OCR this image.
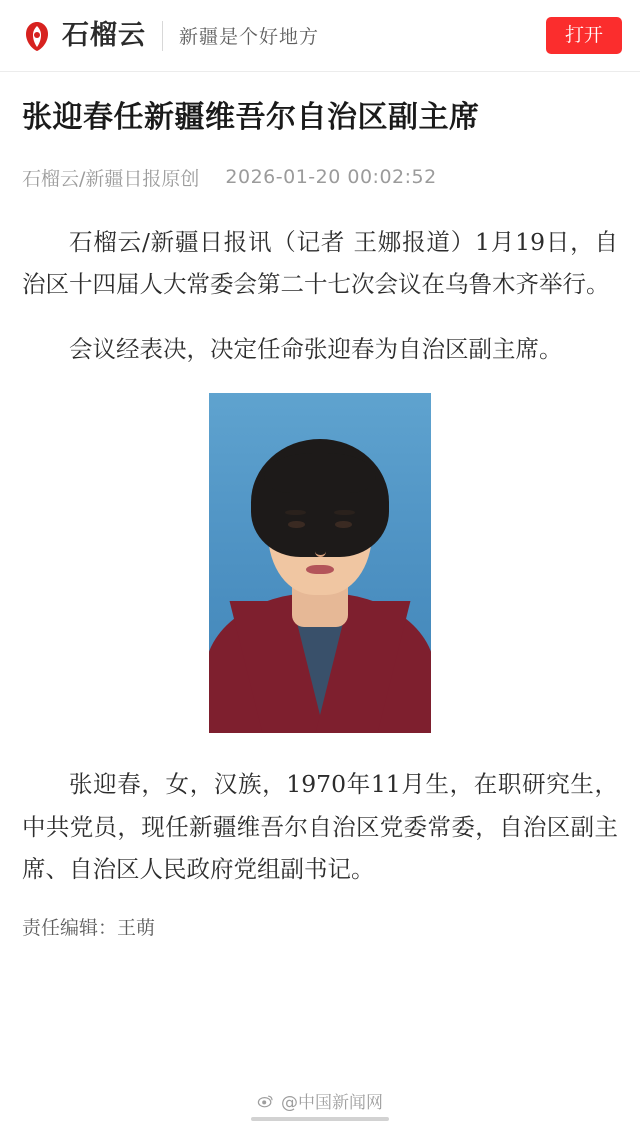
石榴云 新疆是个好地方	打开
张迎春任新疆维吾尔自治区副主席
石榴云/新疆日报原创 2026-01-20 00:02:52

石榴云/新疆日报讯（记者 王娜报道）1月19日，自治区十四届人大常委会第二十七次会议在乌鲁木齐举行。

会议经表决，决定任命张迎春为自治区副主席。

张迎春，女，汉族，1970年11月生，在职研究生，中共党员，现任新疆维吾尔自治区党委常委，自治区副主席、自治区人民政府党组副书记。

责任编辑：王萌
@中国新闻网
